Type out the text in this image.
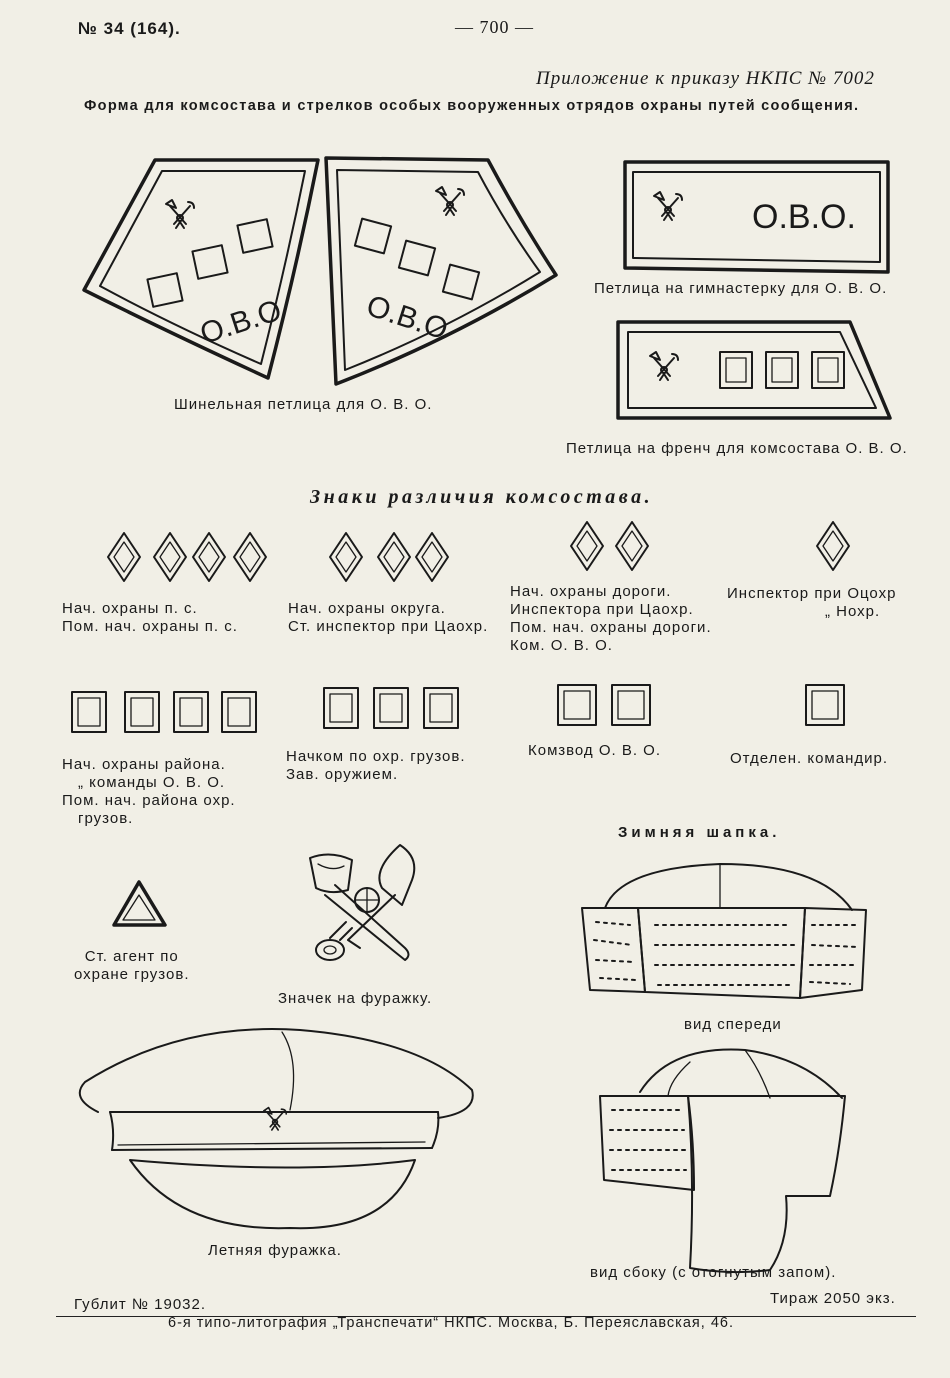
№ 34 (164).	— 700 —
Приложение к приказу НКПС № 7002
Форма для комсостава и стрелков особых вооруженных отрядов охраны путей сообщения.
О.В.О	О.В.О
О.В.О.
Шинельная петлица для О. В. О.
Петлица на гимнастерку для О. В. О.
Петлица на френч для комсостава О. В. О.
Знаки различия комсостава.
Нач. охраны п. с.
Пом. нач. охраны п. с.
Нач. охраны округа.
Ст. инспектор при Цаохр.
Нач. охраны дороги.
Инспектора при Цаохр.
Пом. нач. охраны дороги.
Ком. О. В. О.
Инспектор при Оцохр
„ Нохр.
Нач. охраны района.
„ команды О. В. О.
Пом. нач. района охр.
грузов.
Начком по охр. грузов.
Зав. оружием.
Комзвод О. В. О.	Отделен. командир.
Ст. агент по
охране грузов.
Значек на фуражку.
Зимняя шапка.
вид спереди
вид сбоку (с отогнутым запом).
Летняя фуражка.
Гублит № 19032.	Тираж 2050 экз.
6-я типо-литография „Транспечати“ НКПС. Москва, Б. Переяславская, 46.
